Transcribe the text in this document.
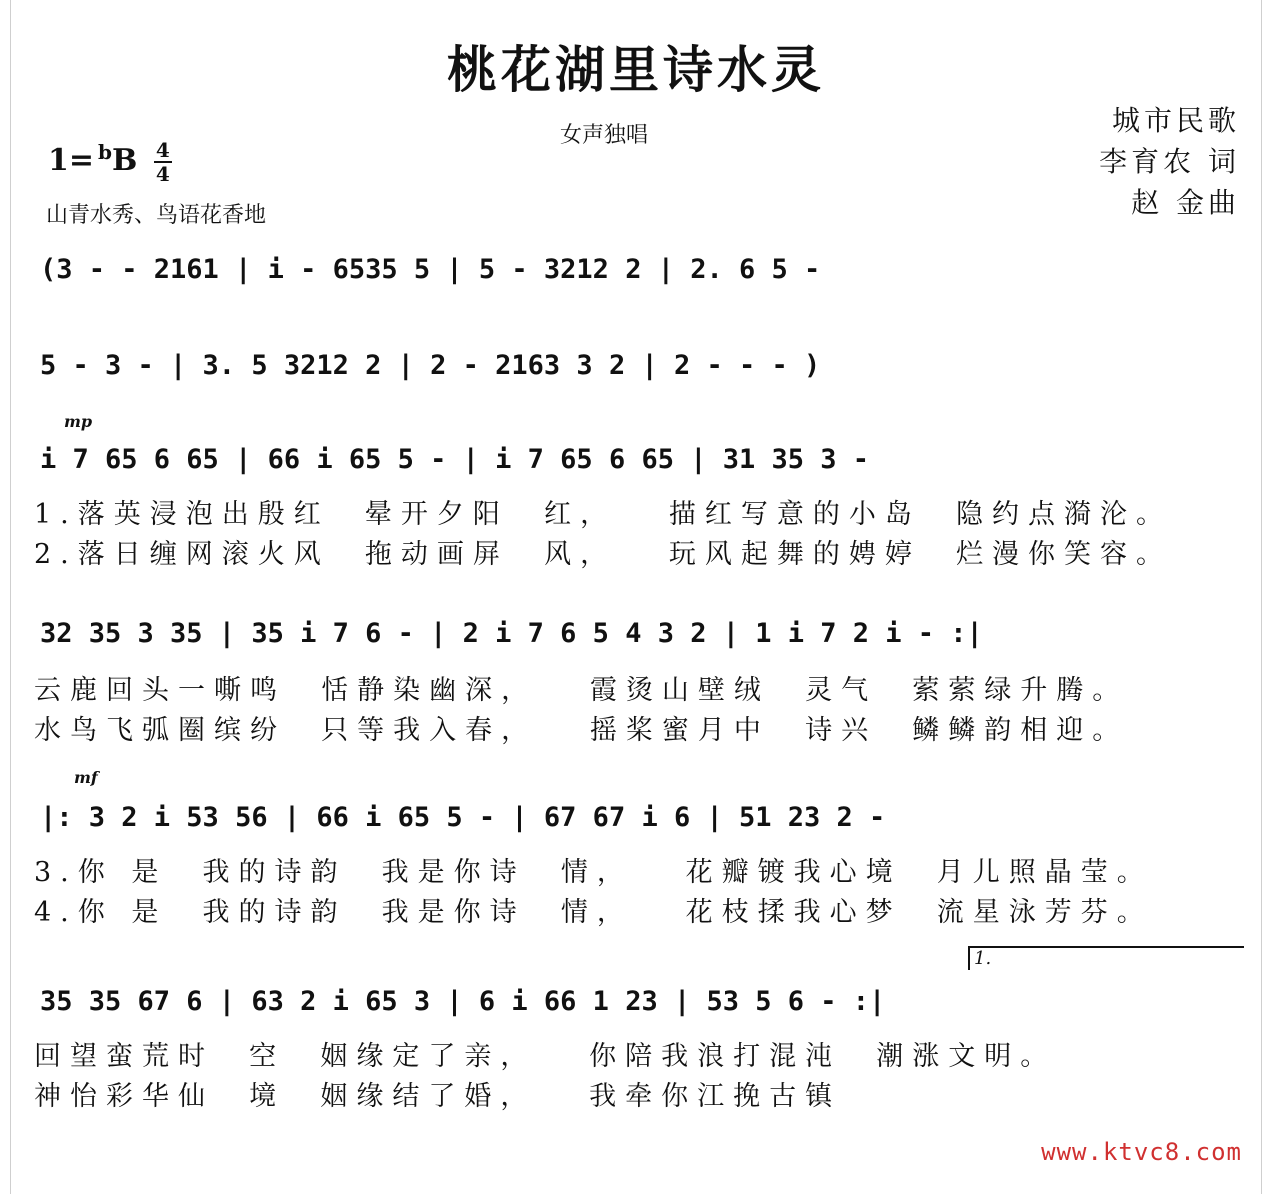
桃花湖里诗水灵
女声独唱	城市民歌
李育农 词
赵 金曲
$1= ^bB \frac{4}{4}$
山青水秀、鸟语花香地
(3 - - 2161 | i - 6535 5 | 5 - 3212 2 | 2. 6 5 -
5 - 3 - | 3. 5 3212 2 | 2 - 2163 3 2 | 2 - - - )
mp
i 7 65 6 65 | 66 i 65 5 - | i 7 65 6 65 | 31 35 3 -
1.落英浸泡出殷红  晕开夕阳  红，   描红写意的小岛  隐约点漪沦。
2.落日缠网滚火风  拖动画屏  风，   玩风起舞的娉婷  烂漫你笑容。
32 35 3 35 | 35 i 7 6 - | 2 i 7 6 5 4 3 2 | 1 i 7 2 i - :|
云鹿回头一嘶鸣  恬静染幽深，   霞烫山壁绒  灵气  萦萦绿升腾。
水鸟飞弧圈缤纷  只等我入春，   摇桨蜜月中  诗兴  鳞鳞韵相迎。
mf
|: 3 2 i 53 56 | 66 i 65 5 - | 67 67 i 6 | 51 23 2 -
3.你 是  我的诗韵  我是你诗  情，   花瓣镀我心境  月儿照晶莹。
4.你 是  我的诗韵  我是你诗  情，   花枝揉我心梦  流星泳芳芬。
1.
35 35 67 6 | 63 2 i 65 3 | 6 i 66 1 23 | 53 5 6 - :|
回望蛮荒时  空  姻缘定了亲，   你陪我浪打混沌  潮涨文明。
神怡彩华仙  境  姻缘结了婚，   我牵你江挽古镇
www.ktvc8.com
